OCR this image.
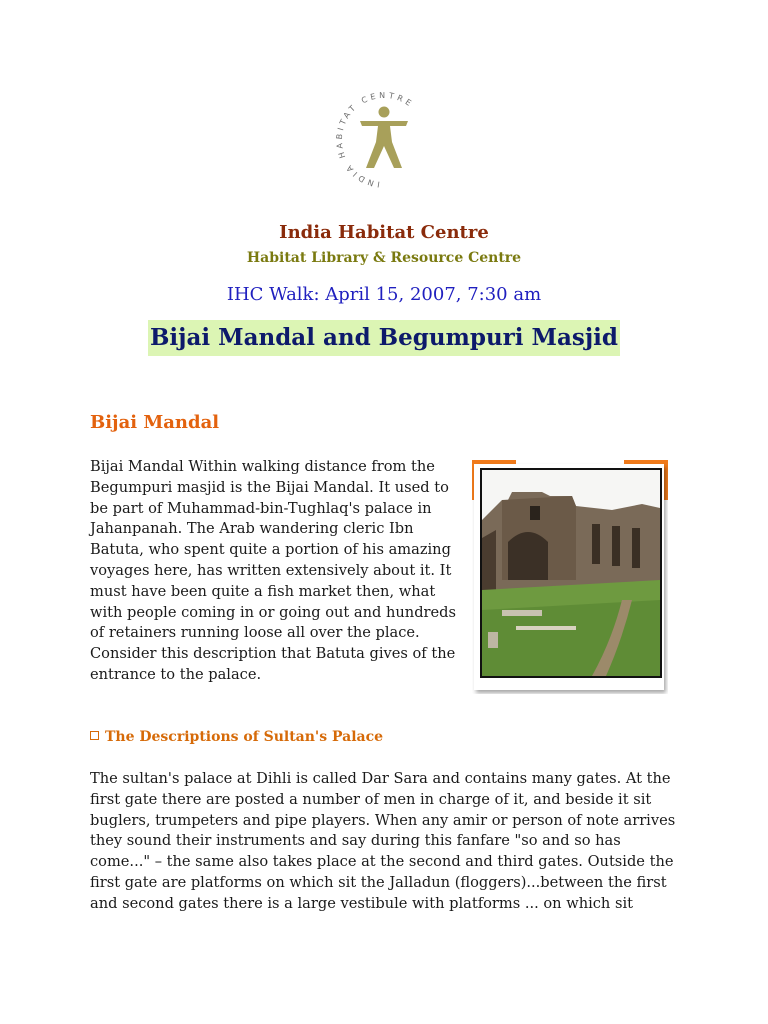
INDIA HABITAT CENTRE
India Habitat Centre
Habitat Library & Resource Centre
IHC Walk: April 15, 2007, 7:30 am
Bijai Mandal and Begumpuri Masjid
Bijai Mandal
Bijai Mandal Within walking distance from the Begumpuri masjid is the Bijai Mandal. It used to be part of Muhammad-bin-Tughlaq's palace in Jahanpanah. The Arab wandering cleric Ibn Batuta, who spent quite a portion of his amazing voyages here, has written extensively about it. It must have been quite a fish market then, what with people coming in or going out and hundreds of retainers running loose all over the place. Consider this description that Batuta gives of the entrance to the palace.
The Descriptions of Sultan's Palace
The sultan's palace at Dihli is called Dar Sara and contains many gates. At the first gate there are posted a number of men in charge of it, and beside it sit buglers, trumpeters and pipe players. When any amir or person of note arrives they sound their instruments and say during this fanfare "so and so has come..." – the same also takes place at the second and third gates. Outside the first gate are platforms on which sit the Jalladun (floggers)...between the first and second gates there is a large vestibule with platforms ... on which sit
